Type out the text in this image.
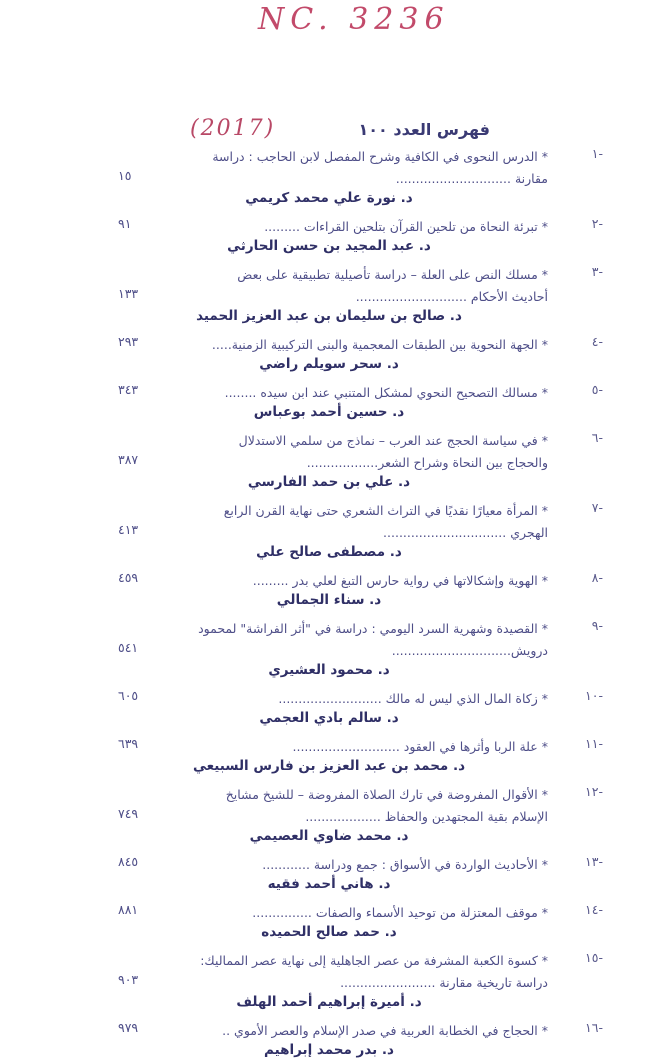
NC. 3236
(2017)	فهرس العدد ١٠٠
-١
* الدرس النحوى في الكافية وشرح المفصل لابن الحاجب : دراسة
مقارنة .............................
١٥
د. نورة علي محمد كريمي
-٢
* تبرئة النحاة من تلحين القرآن بتلحين القراءات .........
٩١
د. عبد المجيد بن حسن الحارثي
-٣
* مسلك النص على العلة – دراسة تأصيلية تطبيقية على بعض
أحاديث الأحكام ............................
١٣٣
د. صالح بن سليمان بن عبد العزيز الحميد
-٤
* الجهة النحوية بين الطبقات المعجمية والبنى التركيبية الزمنية.....
٢٩٣
د. سحر سويلم راضي
-٥
* مسالك التصحيح النحوي لمشكل المتنبي عند ابن سيده ........
٣٤٣
د. حسين أحمد بوعباس
-٦
* في سياسة الحجج عند العرب – نماذج من سلمي الاستدلال
والحجاج بين النحاة وشراح الشعر..................
٣٨٧
د. علي بن حمد الفارسي
-٧
* المرأة معيارًا نقديًا في التراث الشعري حتى نهاية القرن الرابع
الهجري ...............................
٤١٣
د. مصطفى صالح علي
-٨
* الهوية وإشكالاتها في رواية حارس التبغ لعلي بدر .........
٤٥٩
د. سناء الجمالي
-٩
* القصيدة وشهرية السرد اليومي : دراسة في "أثر الفراشة" لمحمود
درويش..............................
٥٤١
د. محمود العشيري
-١٠
* زكاة المال الذي ليس له مالك ..........................
٦٠٥
د. سالم بادي العجمي
-١١
* علة الربا وأثرها في العقود ...........................
٦٣٩
د. محمد بن عبد العزيز بن فارس السبيعي
-١٢
* الأقوال المفروضة في تارك الصلاة المفروضة – للشيخ مشايخ
الإسلام بقية المجتهدين والحفاظ ...................
٧٤٩
د. محمد ضاوي العصيمي
-١٣
* الأحاديث الواردة في الأسواق : جمع ودراسة ............
٨٤٥
د. هاني أحمد فقيه
-١٤
* موقف المعتزلة من توحيد الأسماء والصفات ...............
٨٨١
د. حمد صالح الحميده
-١٥
* كسوة الكعبة المشرفة من عصر الجاهلية إلى نهاية عصر المماليك:
دراسة تاريخية مقارنة ........................
٩٠٣
د. أميرة إبراهيم أحمد الهلف
-١٦
* الحجاج في الخطابة العربية في صدر الإسلام والعصر الأموي ..
٩٧٩
د. بدر محمد إبراهيم
